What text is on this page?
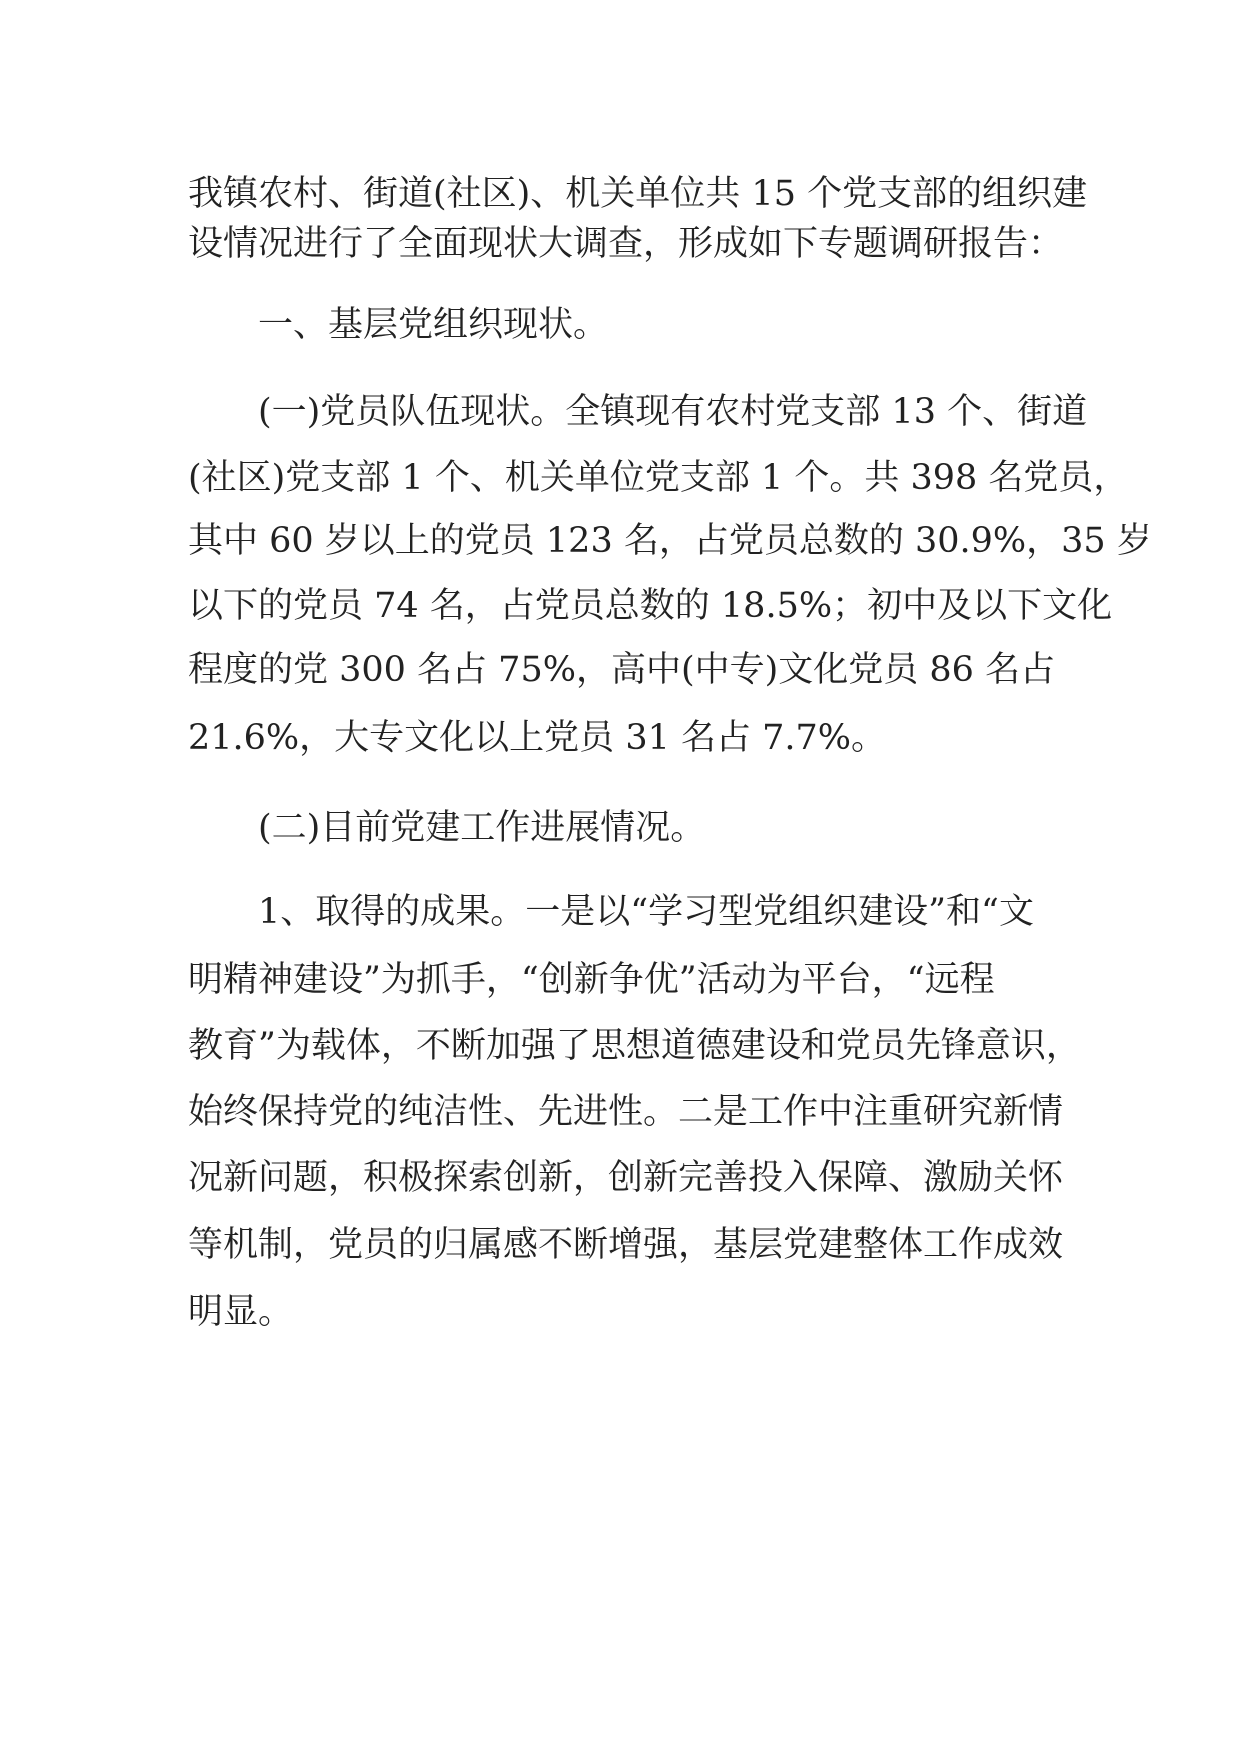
我镇农村、街道(社区)、机关单位共 15 个党支部的组织建
设情况进行了全面现状大调查，形成如下专题调研报告：
一、基层党组织现状。
(一)党员队伍现状。全镇现有农村党支部 13 个、街道
(社区)党支部 1 个、机关单位党支部 1 个。共 398 名党员，
其中 60 岁以上的党员 123 名，占党员总数的 30.9%，35 岁
以下的党员 74 名，占党员总数的 18.5%；初中及以下文化
程度的党 300 名占 75%，高中(中专)文化党员 86 名占
21.6%，大专文化以上党员 31 名占 7.7%。
(二)目前党建工作进展情况。
1、取得的成果。一是以“学习型党组织建设”和“文
明精神建设”为抓手，“创新争优”活动为平台，“远程
教育”为载体，不断加强了思想道德建设和党员先锋意识，
始终保持党的纯洁性、先进性。二是工作中注重研究新情
况新问题，积极探索创新，创新完善投入保障、激励关怀
等机制，党员的归属感不断增强，基层党建整体工作成效
明显。
